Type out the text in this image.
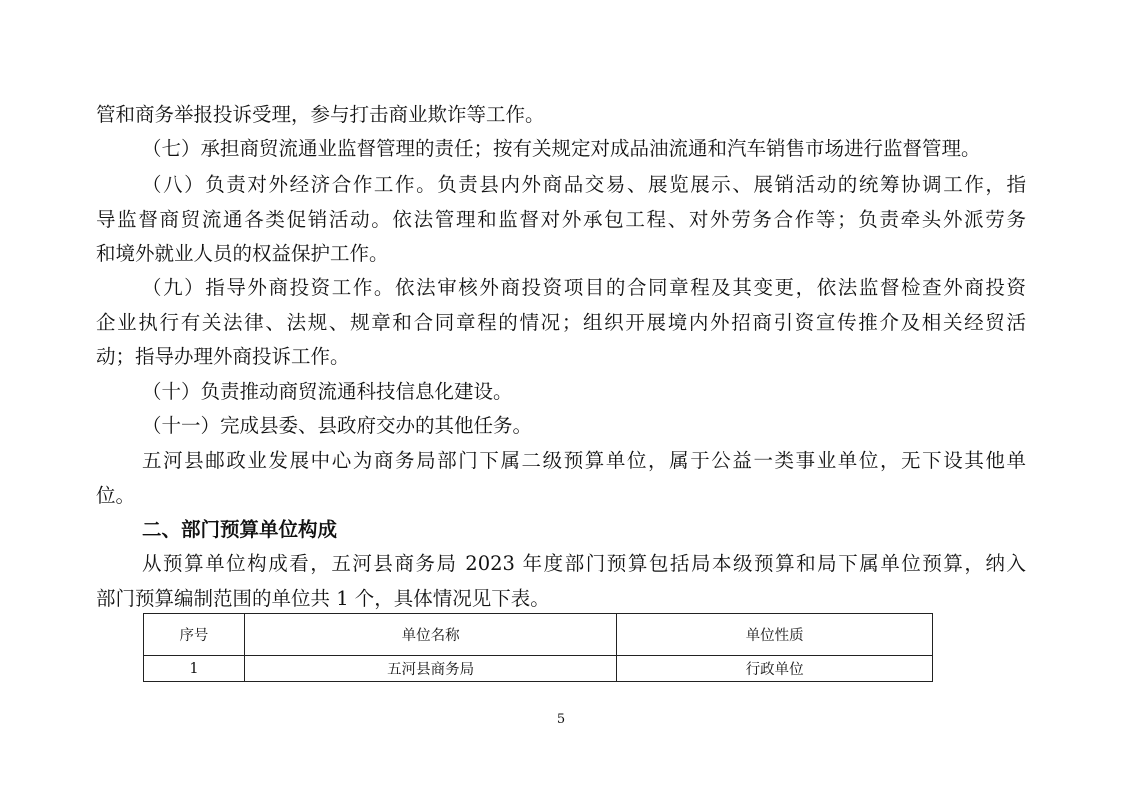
管和商务举报投诉受理，参与打击商业欺诈等工作。
（七）承担商贸流通业监督管理的责任；按有关规定对成品油流通和汽车销售市场进行监督管理。
（八）负责对外经济合作工作。负责县内外商品交易、展览展示、展销活动的统筹协调工作，指
导监督商贸流通各类促销活动。依法管理和监督对外承包工程、对外劳务合作等；负责牵头外派劳务
和境外就业人员的权益保护工作。
（九）指导外商投资工作。依法审核外商投资项目的合同章程及其变更，依法监督检查外商投资
企业执行有关法律、法规、规章和合同章程的情况；组织开展境内外招商引资宣传推介及相关经贸活
动；指导办理外商投诉工作。
（十）负责推动商贸流通科技信息化建设。
（十一）完成县委、县政府交办的其他任务。
五河县邮政业发展中心为商务局部门下属二级预算单位，属于公益一类事业单位，无下设其他单
位。
二、部门预算单位构成
从预算单位构成看，五河县商务局 2023 年度部门预算包括局本级预算和局下属单位预算，纳入
部门预算编制范围的单位共 1 个，具体情况见下表。
序号	单位名称	单位性质
1	五河县商务局	行政单位
5
